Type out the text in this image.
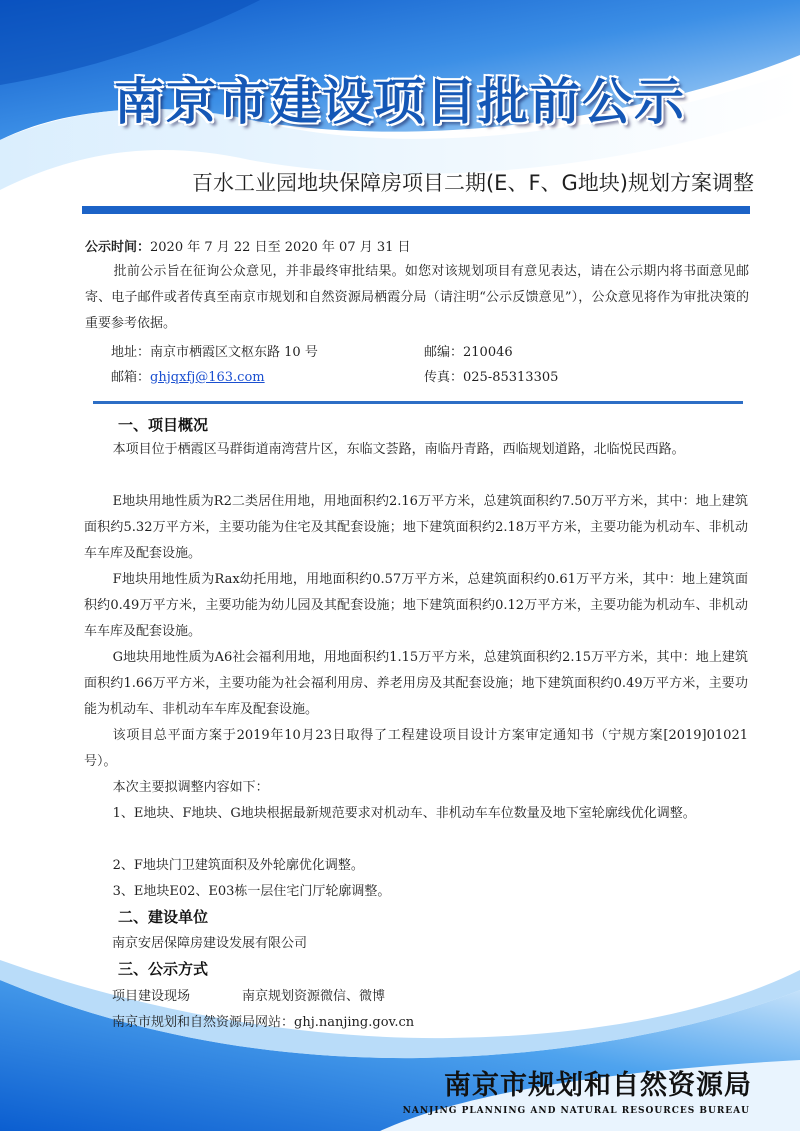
南京市建设项目批前公示
百水工业园地块保障房项目二期(E、F、G地块)规划方案调整
公示时间：2020 年 7 月 22 日至 2020 年 07 月 31 日
批前公示旨在征询公众意见，并非最终审批结果。如您对该规划项目有意见表达，请在公示期内将书面意见邮寄、电子邮件或者传真至南京市规划和自然资源局栖霞分局（请注明“公示反馈意见”），公众意见将作为审批决策的重要参考依据。
地址：南京市栖霞区文枢东路 10 号	邮编：210046
邮箱：ghjqxfj@163.com	传真：025-85313305
一、项目概况
本项目位于栖霞区马群街道南湾营片区，东临文荟路，南临丹青路，西临规划道路，北临悦民西路。
E地块用地性质为R2二类居住用地，用地面积约2.16万平方米，总建筑面积约7.50万平方米，其中：地上建筑面积约5.32万平方米，主要功能为住宅及其配套设施；地下建筑面积约2.18万平方米，主要功能为机动车、非机动车车库及配套设施。
F地块用地性质为Rax幼托用地，用地面积约0.57万平方米，总建筑面积约0.61万平方米，其中：地上建筑面积约0.49万平方米，主要功能为幼儿园及其配套设施；地下建筑面积约0.12万平方米，主要功能为机动车、非机动车车库及配套设施。
G地块用地性质为A6社会福利用地，用地面积约1.15万平方米，总建筑面积约2.15万平方米，其中：地上建筑面积约1.66万平方米，主要功能为社会福利用房、养老用房及其配套设施；地下建筑面积约0.49万平方米，主要功能为机动车、非机动车车库及配套设施。
该项目总平面方案于2019年10月23日取得了工程建设项目设计方案审定通知书（宁规方案[2019]01021号）。
本次主要拟调整内容如下：
1、E地块、F地块、G地块根据最新规范要求对机动车、非机动车车位数量及地下室轮廓线优化调整。
2、F地块门卫建筑面积及外轮廓优化调整。
3、E地块E02、E03栋一层住宅门厅轮廓调整。
二、建设单位
南京安居保障房建设发展有限公司
三、公示方式
项目建设现场	南京规划资源微信、微博
南京市规划和自然资源局网站：ghj.nanjing.gov.cn
南京市规划和自然资源局
NANJING PLANNING AND NATURAL RESOURCES BUREAU
